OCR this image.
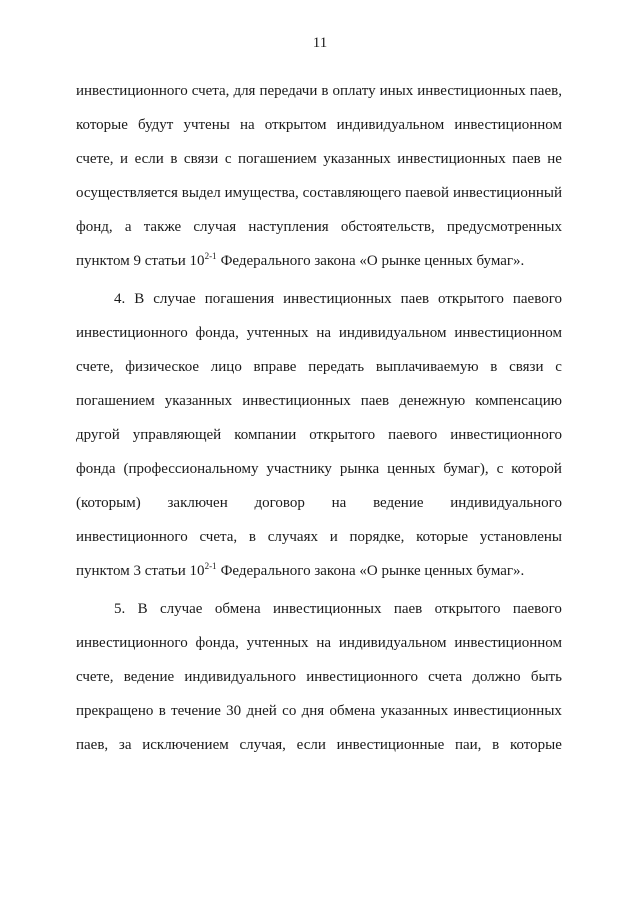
11
инвестиционного счета, для передачи в оплату иных инвестиционных паев,
которые будут учтены на открытом индивидуальном инвестиционном
счете, и если в связи с погашением указанных инвестиционных паев не
осуществляется выдел имущества, составляющего паевой инвестиционный
фонд, а также случая наступления обстоятельств, предусмотренных
пунктом 9 статьи 10$^{2-1}$ Федерального закона «О рынке ценных бумаг».
4. В случае погашения инвестиционных паев открытого паевого
инвестиционного фонда, учтенных на индивидуальном инвестиционном
счете, физическое лицо вправе передать выплачиваемую в связи с
погашением указанных инвестиционных паев денежную компенсацию
другой управляющей компании открытого паевого инвестиционного
фонда (профессиональному участнику рынка ценных бумаг), с которой
(которым) заключен договор на ведение индивидуального
инвестиционного счета, в случаях и порядке, которые установлены
пунктом 3 статьи 10$^{2-1}$ Федерального закона «О рынке ценных бумаг».
5. В случае обмена инвестиционных паев открытого паевого
инвестиционного фонда, учтенных на индивидуальном инвестиционном
счете, ведение индивидуального инвестиционного счета должно быть
прекращено в течение 30 дней со дня обмена указанных инвестиционных
паев, за исключением случая, если инвестиционные паи, в которые
